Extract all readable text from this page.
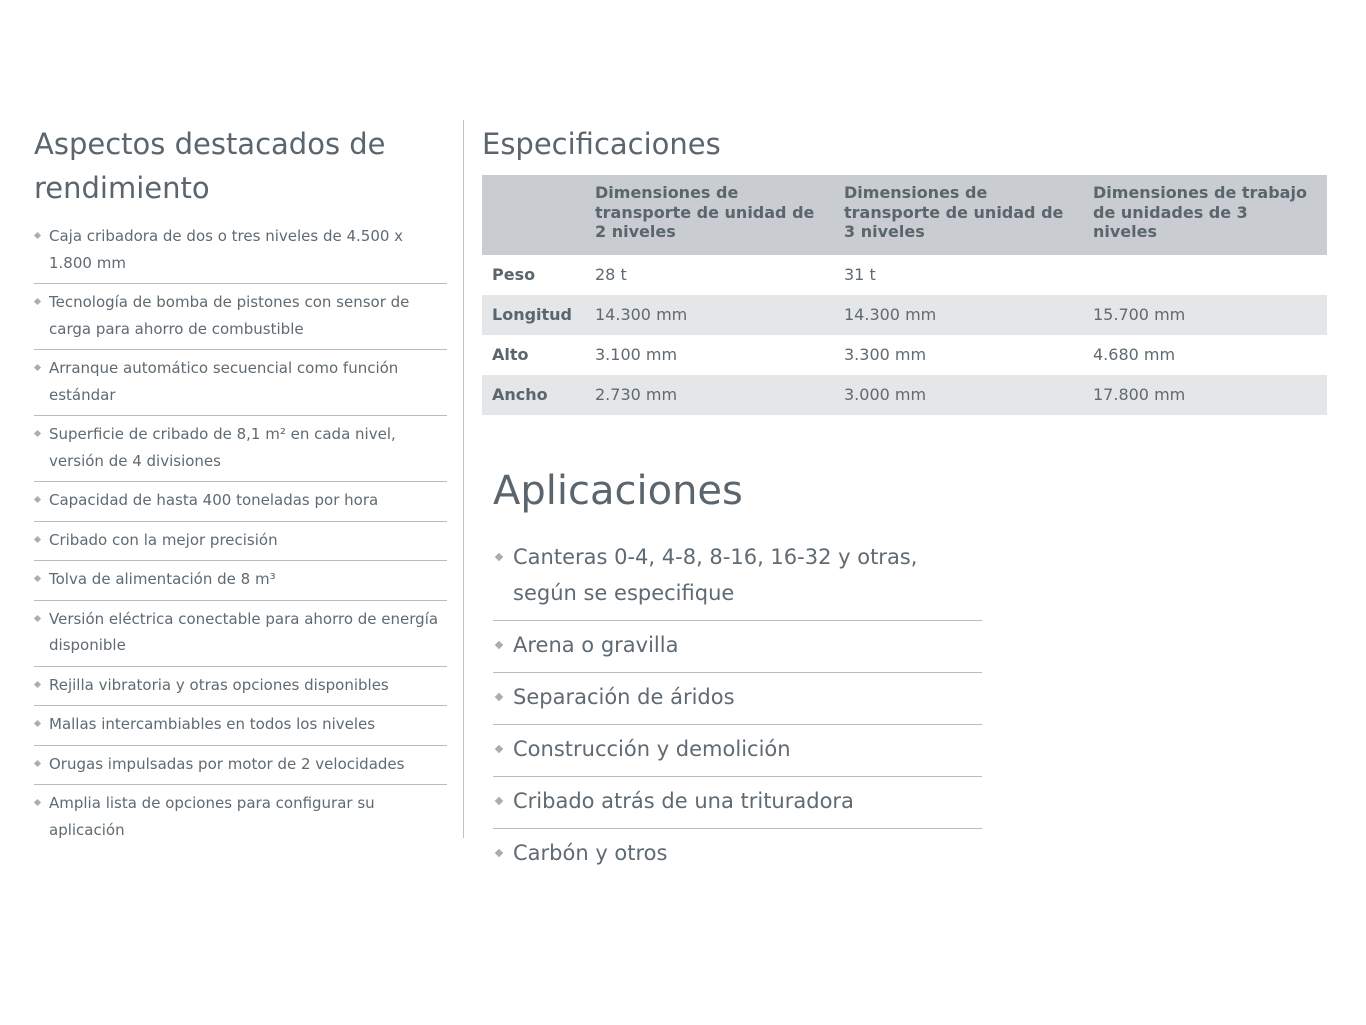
Aspectos destacados de rendimiento
Caja cribadora de dos o tres niveles de 4.500 x 1.800 mm
Tecnología de bomba de pistones con sensor de carga para ahorro de combustible
Arranque automático secuencial como función estándar
Superficie de cribado de 8,1 m² en cada nivel, versión de 4 divisiones
Capacidad de hasta 400 toneladas por hora
Cribado con la mejor precisión
Tolva de alimentación de 8 m³
Versión eléctrica conectable para ahorro de energía disponible
Rejilla vibratoria y otras opciones disponibles
Mallas intercambiables en todos los niveles
Orugas impulsadas por motor de 2 velocidades
Amplia lista de opciones para configurar su aplicación
Especificaciones
	Dimensiones de transporte de unidad de 2 niveles	Dimensiones de transporte de unidad de 3 niveles	Dimensiones de trabajo de unidades de 3 niveles
Peso	28 t	31 t	
Longitud	14.300 mm	14.300 mm	15.700 mm
Alto	3.100 mm	3.300 mm	4.680 mm
Ancho	2.730 mm	3.000 mm	17.800 mm
Aplicaciones
Canteras 0-4, 4-8, 8-16, 16-32 y otras, según se especifique
Arena o gravilla
Separación de áridos
Construcción y demolición
Cribado atrás de una trituradora
Carbón y otros
